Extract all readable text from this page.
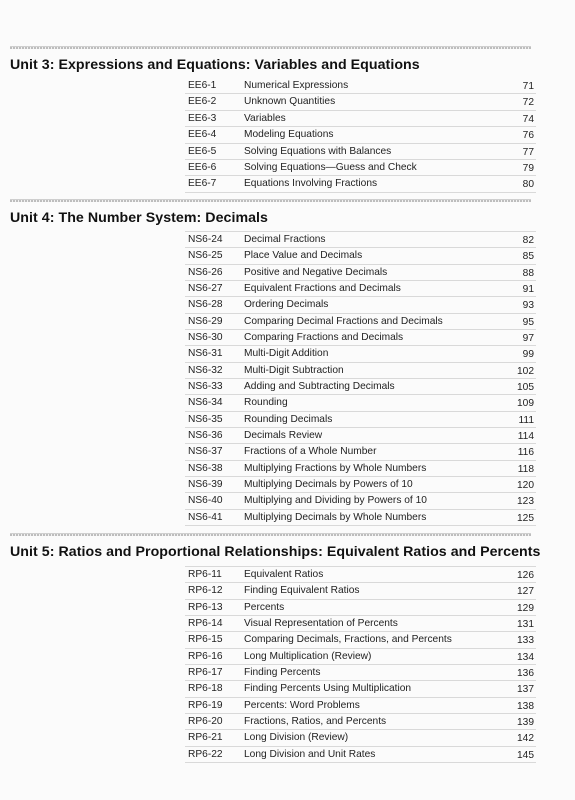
Unit 3: Expressions and Equations: Variables and Equations
EE6-1	Numerical Expressions	71
EE6-2	Unknown Quantities	72
EE6-3	Variables	74
EE6-4	Modeling Equations	76
EE6-5	Solving Equations with Balances	77
EE6-6	Solving Equations—Guess and Check	79
EE6-7	Equations Involving Fractions	80
Unit 4: The Number System: Decimals
NS6-24 Decimal Fractions	82
NS6-25 Place Value and Decimals	85
NS6-26 Positive and Negative Decimals	88
NS6-27 Equivalent Fractions and Decimals	91
NS6-28 Ordering Decimals	93
NS6-29 Comparing Decimal Fractions and Decimals	95
NS6-30 Comparing Fractions and Decimals	97
NS6-31 Multi-Digit Addition	99
NS6-32 Multi-Digit Subtraction	102
NS6-33 Adding and Subtracting Decimals	105
NS6-34 Rounding	109
NS6-35 Rounding Decimals	111
NS6-36 Decimals Review	114
NS6-37 Fractions of a Whole Number	116
NS6-38 Multiplying Fractions by Whole Numbers	118
NS6-39 Multiplying Decimals by Powers of 10	120
NS6-40 Multiplying and Dividing by Powers of 10	123
NS6-41 Multiplying Decimals by Whole Numbers	125
Unit 5: Ratios and Proportional Relationships: Equivalent Ratios and Percents
RP6-11 Equivalent Ratios	126
RP6-12 Finding Equivalent Ratios	127
RP6-13 Percents	129
RP6-14 Visual Representation of Percents	131
RP6-15 Comparing Decimals, Fractions, and Percents	133
RP6-16 Long Multiplication (Review)	134
RP6-17 Finding Percents	136
RP6-18 Finding Percents Using Multiplication	137
RP6-19 Percents: Word Problems	138
RP6-20 Fractions, Ratios, and Percents	139
RP6-21 Long Division (Review)	142
RP6-22 Long Division and Unit Rates	145
